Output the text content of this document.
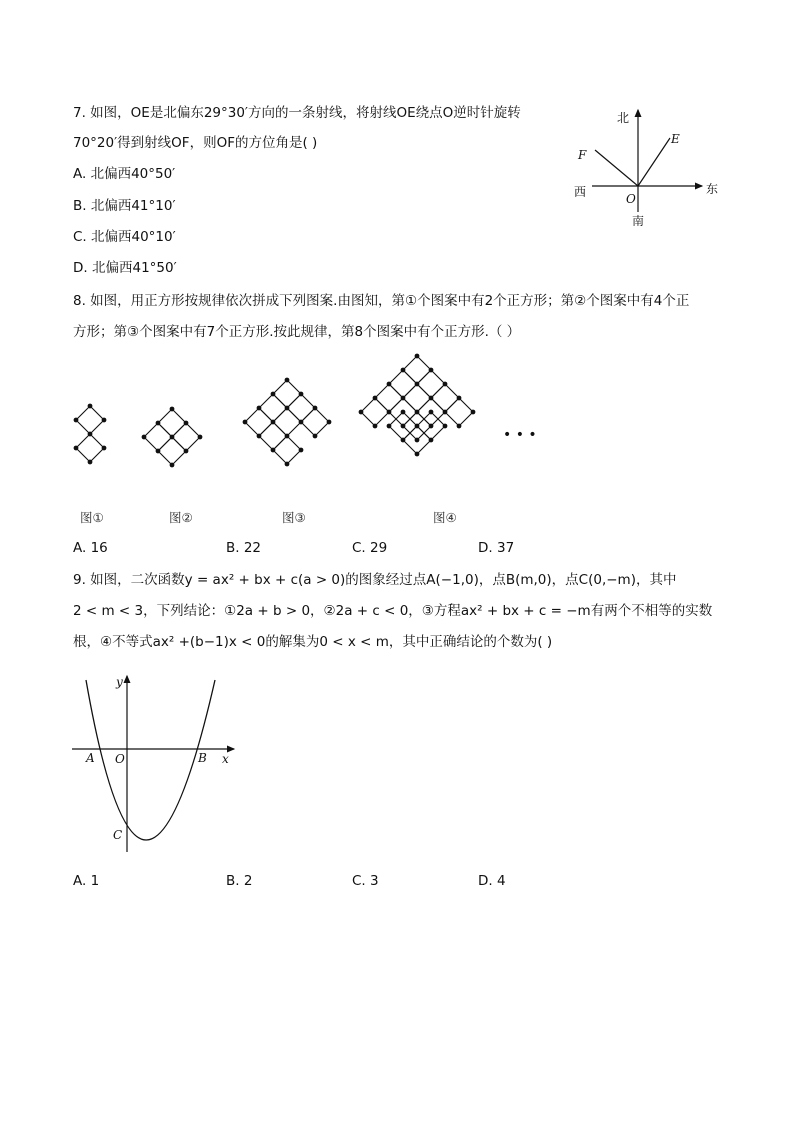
7. 如图，OE是北偏东29°30′方向的一条射线，将射线OE绕点O逆时针旋转
70°20′得到射线OF，则OF的方位角是( )
A. 北偏西40°50′
B. 北偏西41°10′
C. 北偏西40°10′
D. 北偏西41°50′
北
南
东
西	O
E
F
8. 如图，用正方形按规律依次拼成下列图案.由图知，第①个图案中有2个正方形；第②个图案中有4个正
方形；第③个图案中有7个正方形.按此规律，第8个图案中有个正方形.（ ）
图①	图②	图③	图④
• • •
A. 16	B. 22	C. 29	D. 37
9. 如图，二次函数y = ax² + bx + c(a > 0)的图象经过点A(−1,0)，点B(m,0)，点C(0,−m)，其中
2 < m < 3，下列结论：①2a + b > 0，②2a + c < 0，③方程ax² + bx + c = −m有两个不相等的实数
根，④不等式ax² +(b−1)x < 0的解集为0 < x < m，其中正确结论的个数为( )
x
y
O
A	B
C
A. 1	B. 2	C. 3	D. 4
